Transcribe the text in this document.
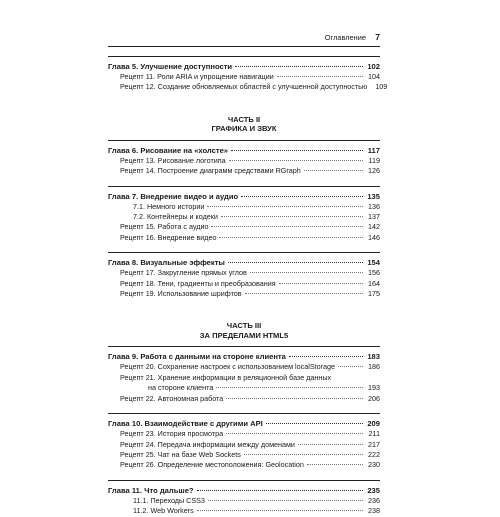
Оглавление 7
Глава 5. Улучшение доступности	102
Рецепт 11. Роли ARIA и упрощение навигации	104
Рецепт 12. Создание обновляемых областей с улучшенной доступностью 109
ЧАСТЬ II
ГРАФИКА И ЗВУК
Глава 6. Рисование на «холсте»	117
Рецепт 13. Рисование логотипа	119
Рецепт 14. Построение диаграмм средствами RGraph	126
Глава 7. Внедрение видео и аудио	135
7.1. Немного истории	136
7.2. Контейнеры и кодеки	137
Рецепт 15. Работа с аудио	142
Рецепт 16. Внедрение видео	146
Глава 8. Визуальные эффекты	154
Рецепт 17. Закругление прямых углов	156
Рецепт 18. Тени, градиенты и преобразования	164
Рецепт 19. Использование шрифтов	175
ЧАСТЬ III
ЗА ПРЕДЕЛАМИ HTML5
Глава 9. Работа с данными на стороне клиента	183
Рецепт 20. Сохранение настроек с использованием localStorage	186
Рецепт 21. Хранение информации в реляционной базе данных
на стороне клиента	193
Рецепт 22. Автономная работа	206
Глава 10. Взаимодействие с другими API	209
Рецепт 23. История просмотра	211
Рецепт 24. Передача информации между доменами	217
Рецепт 25. Чат на базе Web Sockets	222
Рецепт 26. Определение местоположения: Geolocation	230
Глава 11. Что дальше?	235
11.1. Переходы CSS3	236
11.2. Web Workers	238
